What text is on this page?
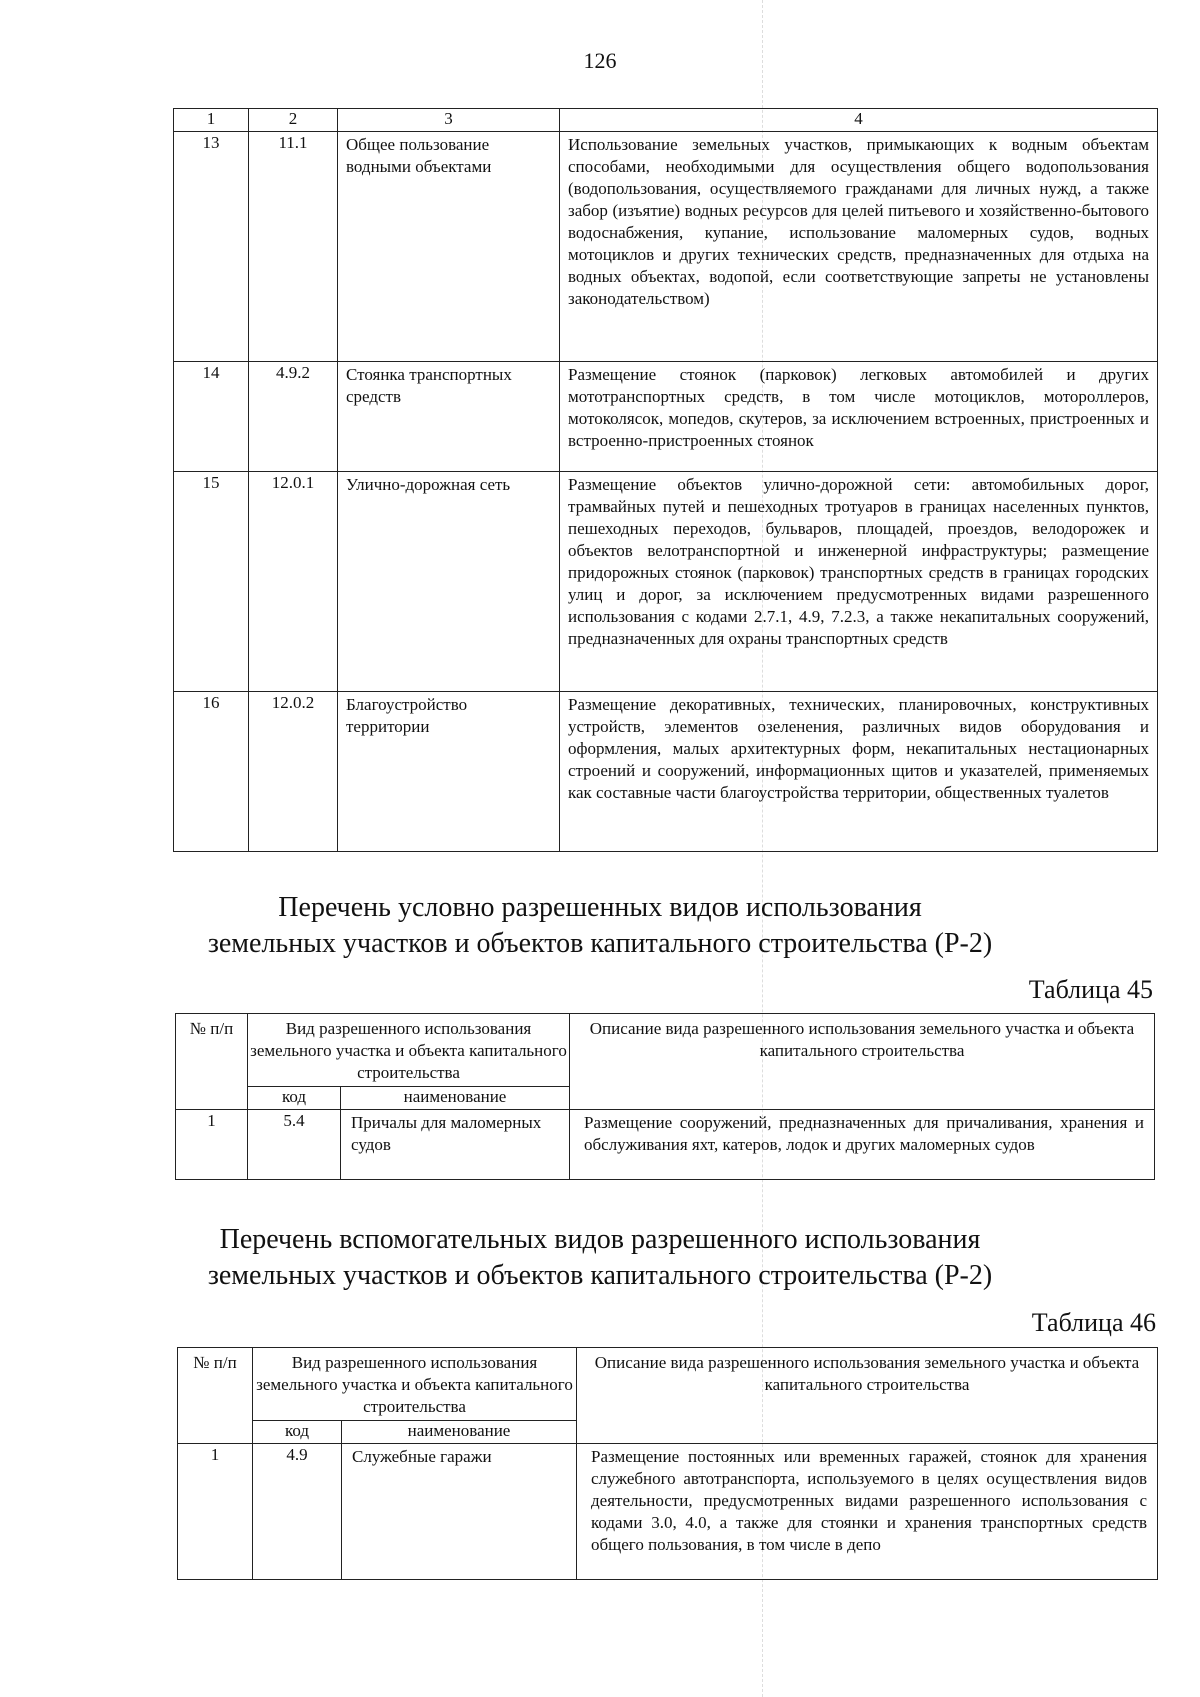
126
1	2	3	4
13	11.1	Общее пользование водными объектами	Использование земельных участков, примыкающих к водным объектам способами, необходимыми для осуществления общего водопользования (водопользования, осуществляемого гражданами для личных нужд, а также забор (изъятие) водных ресурсов для целей питьевого и хозяйственно-бытового водоснабжения, купание, использование маломерных судов, водных мотоциклов и других технических средств, предназначенных для отдыха на водных объектах, водопой, если соответствующие запреты не установлены законодательством)
14	4.9.2	Стоянка транспортных средств	Размещение стоянок (парковок) легковых автомобилей и других мототранспортных средств, в том числе мотоциклов, мотороллеров, мотоколясок, мопедов, скутеров, за исключением встроенных, пристроенных и встроенно-пристроенных стоянок
15	12.0.1	Улично-дорожная сеть	Размещение объектов улично-дорожной сети: автомобильных дорог, трамвайных путей и пешеходных тротуаров в границах населенных пунктов, пешеходных переходов, бульваров, площадей, проездов, велодорожек и объектов велотранспортной и инженерной инфраструктуры; размещение придорожных стоянок (парковок) транспортных средств в границах городских улиц и дорог, за исключением предусмотренных видами разрешенного использования с кодами 2.7.1, 4.9, 7.2.3, а также некапитальных сооружений, предназначенных для охраны транспортных средств
16	12.0.2	Благоустройство территории	Размещение декоративных, технических, планировочных, конструктивных устройств, элементов озеленения, различных видов оборудования и оформления, малых архитектурных форм, некапитальных нестационарных строений и сооружений, информационных щитов и указателей, применяемых как составные части благоустройства территории, общественных туалетов
Перечень условно разрешенных видов использования
земельных участков и объектов капитального строительства (Р-2)
Таблица 45
№ п/п	Вид разрешенного использования земельного участка и объекта капитального строительства		Описание вида разрешенного использования земельного участка и объекта капитального строительства
	код	наименование	
1	5.4	Причалы для маломерных судов	Размещение сооружений, предназначенных для причаливания, хранения и обслуживания яхт, катеров, лодок и других маломерных судов
Перечень вспомогательных видов разрешенного использования
земельных участков и объектов капитального строительства (Р-2)
Таблица 46
№ п/п	Вид разрешенного использования земельного участка и объекта капитального строительства		Описание вида разрешенного использования земельного участка и объекта капитального строительства
	код	наименование	
1	4.9	Служебные гаражи	Размещение постоянных или временных гаражей, стоянок для хранения служебного автотранспорта, используемого в целях осуществления видов деятельности, предусмотренных видами разрешенного использования с кодами 3.0, 4.0, а также для стоянки и хранения транспортных средств общего пользования, в том числе в депо
